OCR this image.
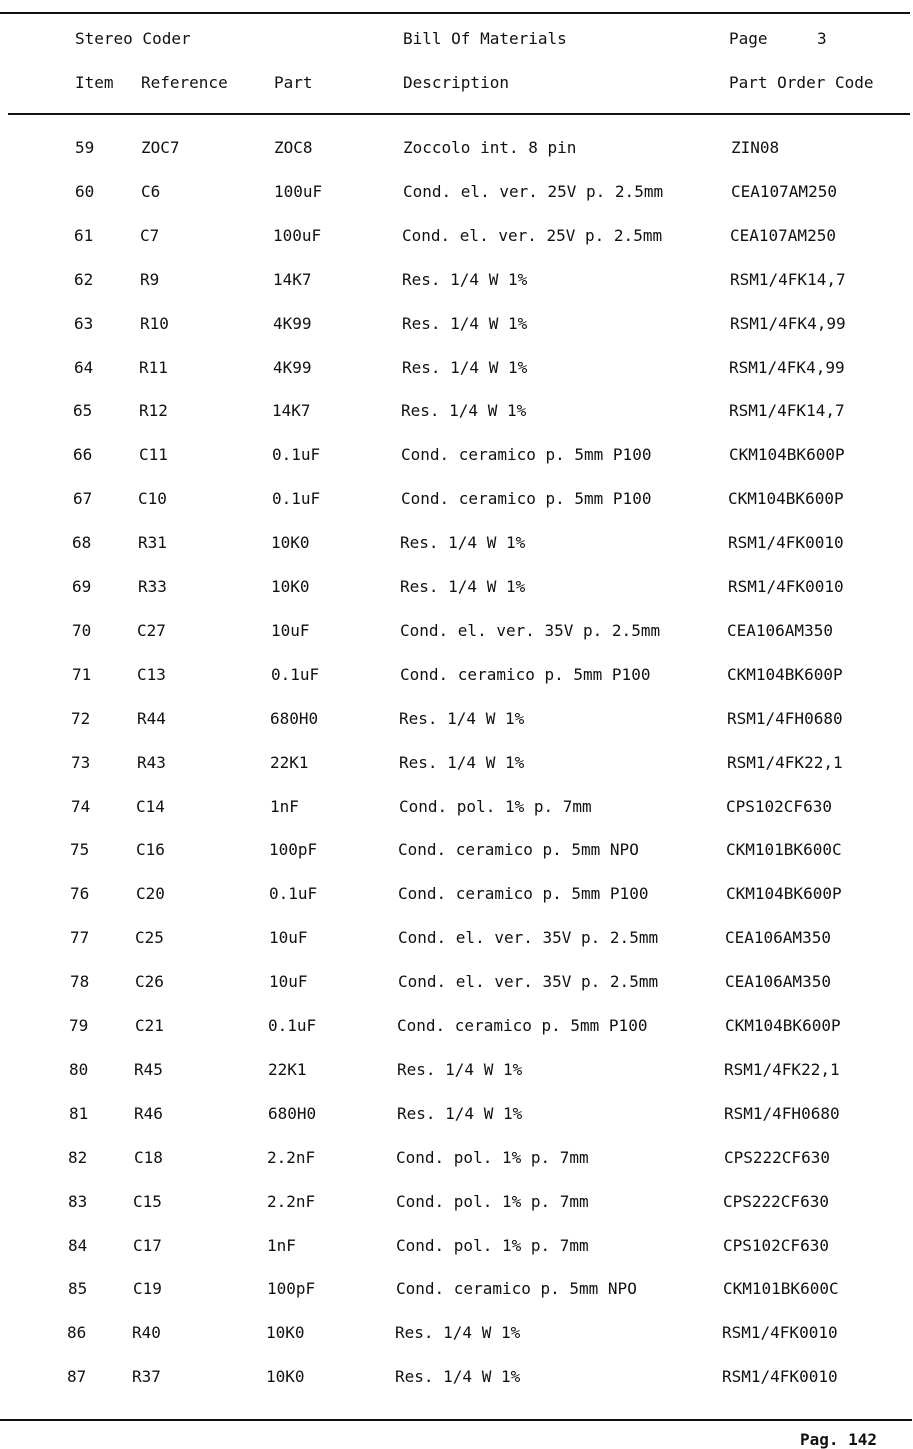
Stereo Coder	Bill Of Materials	Page	3
Item Reference	Part	Description	Part Order Code
59	ZOC7	ZOC8	Zoccolo int. 8 pin	ZIN08
60	C6	100uF	Cond. el. ver. 25V p. 2.5mm	CEA107AM250
61	C7	100uF	Cond. el. ver. 25V p. 2.5mm	CEA107AM250
62	R9	14K7	Res. 1/4 W 1%	RSM1/4FK14,7
63	R10	4K99	Res. 1/4 W 1%	RSM1/4FK4,99
64	R11	4K99	Res. 1/4 W 1%	RSM1/4FK4,99
65	R12	14K7	Res. 1/4 W 1%	RSM1/4FK14,7
66	C11	0.1uF	Cond. ceramico p. 5mm P100	CKM104BK600P
67	C10	0.1uF	Cond. ceramico p. 5mm P100	CKM104BK600P
68	R31	10K0	Res. 1/4 W 1%	RSM1/4FK0010
69	R33	10K0	Res. 1/4 W 1%	RSM1/4FK0010
70	C27	10uF	Cond. el. ver. 35V p. 2.5mm	CEA106AM350
71	C13	0.1uF	Cond. ceramico p. 5mm P100	CKM104BK600P
72	R44	680H0	Res. 1/4 W 1%	RSM1/4FH0680
73	R43	22K1	Res. 1/4 W 1%	RSM1/4FK22,1
74	C14	1nF	Cond. pol. 1% p. 7mm	CPS102CF630
75	C16	100pF	Cond. ceramico p. 5mm NPO	CKM101BK600C
76	C20	0.1uF	Cond. ceramico p. 5mm P100	CKM104BK600P
77	C25	10uF	Cond. el. ver. 35V p. 2.5mm	CEA106AM350
78	C26	10uF	Cond. el. ver. 35V p. 2.5mm	CEA106AM350
79	C21	0.1uF	Cond. ceramico p. 5mm P100	CKM104BK600P
80	R45	22K1	Res. 1/4 W 1%	RSM1/4FK22,1
81	R46	680H0	Res. 1/4 W 1%	RSM1/4FH0680
82	C18	2.2nF	Cond. pol. 1% p. 7mm	CPS222CF630
83	C15	2.2nF	Cond. pol. 1% p. 7mm	CPS222CF630
84	C17	1nF	Cond. pol. 1% p. 7mm	CPS102CF630
85	C19	100pF	Cond. ceramico p. 5mm NPO	CKM101BK600C
86	R40	10K0	Res. 1/4 W 1%	RSM1/4FK0010
87	R37	10K0	Res. 1/4 W 1%	RSM1/4FK0010
Pag. 142
